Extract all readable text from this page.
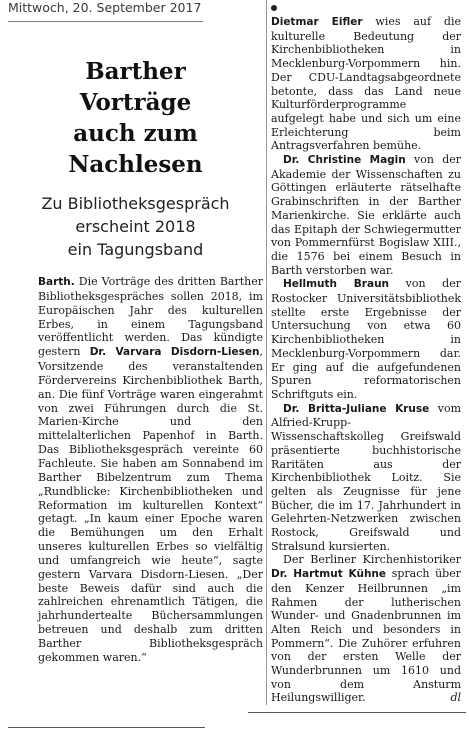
Mittwoch, 20. September 2017
Barther
Vorträge
auch zum
Nachlesen
Zu Bibliotheksgespräch
erscheint 2018
ein Tagungsband

Barth. Die Vorträge des dritten Barther Bibliotheksgespräches sollen 2018, im Europäischen Jahr des kulturellen Erbes, in einem Tagungsband veröffentlicht werden. Das kündigte gestern Dr. Varvara Disdorn-Liesen, Vorsitzende des veranstaltenden Fördervereins Kirchenbibliothek Barth, an. Die fünf Vorträge waren eingerahmt von zwei Führungen durch die St. Marien-Kirche und den mittelalterlichen Papenhof in Barth. Das Bibliotheksgespräch vereinte 60 Fachleute. Sie haben am Sonnabend im Barther Bibelzentrum zum Thema „Rundblicke: Kirchenbibliotheken und Reformation im kulturellen Kontext“ getagt. „In kaum einer Epoche waren die Bemühungen um den Erhalt unseres kulturellen Erbes so vielfältig und umfangreich wie heute“, sagte gestern Varvara Disdorn-Liesen. „Der beste Beweis dafür sind auch die zahlreichen ehrenamtlich Tätigen, die jahrhundertealte Büchersammlungen betreuen und deshalb zum dritten Barther Bibliotheksgespräch gekommen waren.“

Dietmar Eifler wies auf die kulturelle Bedeutung der Kirchenbibliotheken in Mecklenburg-Vorpommern hin. Der CDU-Landtagsabgeordnete betonte, dass das Land neue Kulturförderprogramme aufgelegt habe und sich um eine Erleichterung beim Antragsverfahren bemühe.

Dr. Christine Magin von der Akademie der Wissenschaften zu Göttingen erläuterte rätselhafte Grabinschriften in der Barther Marienkirche. Sie erklärte auch das Epitaph der Schwiegermutter von Pommernfürst Bogislaw XIII., die 1576 bei einem Besuch in Barth verstorben war.

Hellmuth Braun von der Rostocker Universitätsbibliothek stellte erste Ergebnisse der Untersuchung von etwa 60 Kirchenbibliotheken in Mecklenburg-Vorpommern dar. Er ging auf die aufgefundenen Spuren reformatorischen Schriftguts ein.

Dr. Britta-Juliane Kruse vom Alfried-Krupp-Wissenschaftskolleg Greifswald präsentierte buchhistorische Raritäten aus der Kirchenbibliothek Loitz. Sie gelten als Zeugnisse für jene Bücher, die im 17. Jahrhundert in Gelehrten-Netzwerken zwischen Rostock, Greifswald und Stralsund kursierten.

Der Berliner Kirchenhistoriker Dr. Hartmut Kühne sprach über den Kenzer Heilbrunnen „im Rahmen der lutherischen Wunder- und Gnadenbrunnen im Alten Reich und besonders in Pommern“. Die Zuhörer erfuhren von der ersten Welle der Wunderbrunnen um 1610 und von dem Ansturm Heilungswilliger.	dl
